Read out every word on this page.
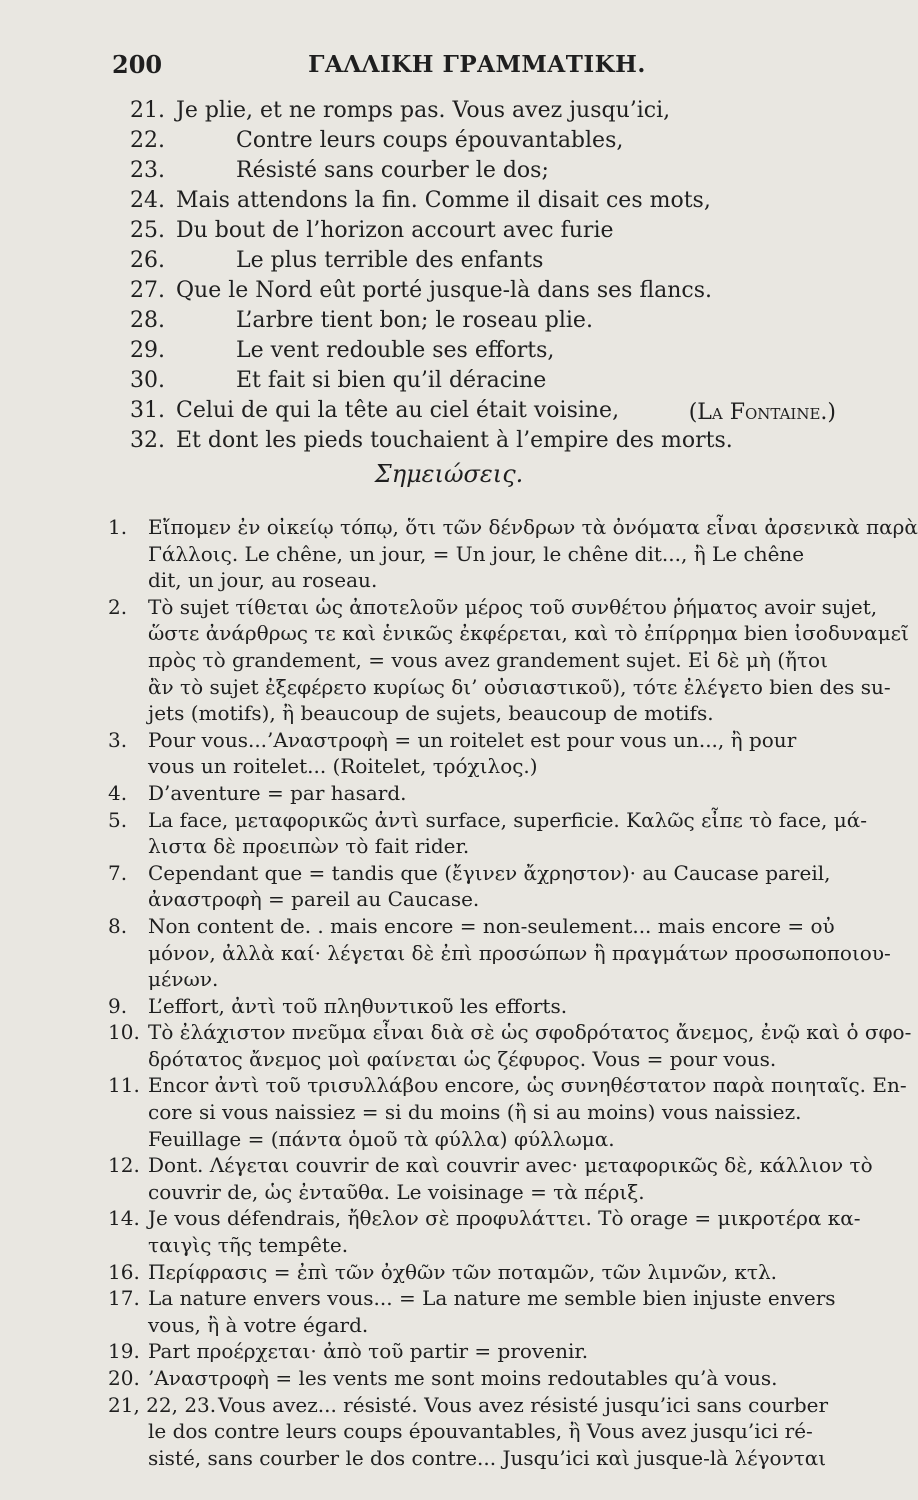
200	ΓΑΛΛΙΚΗ ΓΡΑΜΜΑΤΙΚΗ.
21. Je plie, et ne romps pas. Vous avez jusqu’ici,
22.	Contre leurs coups épouvantables,
23.	Résisté sans courber le dos;
24. Mais attendons la fin. Comme il disait ces mots,
25. Du bout de l’horizon accourt avec furie
26.	Le plus terrible des enfants
27. Que le Nord eût porté jusque-là dans ses flancs.
28.	L’arbre tient bon; le roseau plie.
29.	Le vent redouble ses efforts,
30.	Et fait si bien qu’il déracine
31. Celui de qui la tête au ciel était voisine,
32. Et dont les pieds touchaient à l’empire des morts.
(La Fontaine.)
Σημειώσεις.
1. Εἴπομεν ἐν οἰκείῳ τόπῳ, ὅτι τῶν δένδρων τὰ ὀνόματα εἶναι ἀρσενικὰ παρὰ
Γάλλοις. Le chêne, un jour, = Un jour, le chêne dit..., ἢ Le chêne
dit, un jour, au roseau.
2. Τὸ sujet τίθεται ὡς ἀποτελοῦν μέρος τοῦ συνθέτου ῥήματος avoir sujet,
ὥστε ἀνάρθρως τε καὶ ἑνικῶς ἐκφέρεται, καὶ τὸ ἐπίρρημα bien ἰσοδυναμεῖ
πρὸς τὸ grandement, = vous avez grandement sujet. Εἰ δὲ μὴ (ἤτοι
ἂν τὸ sujet ἐξεφέρετο κυρίως δι’ οὐσιαστικοῦ), τότε ἐλέγετο bien des su-
jets (motifs), ἢ beaucoup de sujets, beaucoup de motifs.
3. Pour vous...’Αναστροφὴ = un roitelet est pour vous un..., ἢ pour
vous un roitelet... (Roitelet, τρόχιλος.)
4. D’aventure = par hasard.
5. La face, μεταφορικῶς ἀντὶ surface, superficie. Καλῶς εἶπε τὸ face, μά-
λιστα δὲ προειπὼν τὸ fait rider.
7. Cependant que = tandis que (ἔγινεν ἄχρηστον)· au Caucase pareil,
ἀναστροφὴ = pareil au Caucase.
8. Non content de. . mais encore = non-seulement... mais encore = οὐ
μόνον, ἀλλὰ καί· λέγεται δὲ ἐπὶ προσώπων ἢ πραγμάτων προσωποποιου-
μένων.
9. L’effort, ἀντὶ τοῦ πληθυντικοῦ les efforts.
10. Τὸ ἐλάχιστον πνεῦμα εἶναι διὰ σὲ ὡς σφοδρότατος ἄνεμος, ἐνῷ καὶ ὁ σφο-
δρότατος ἄνεμος μοὶ φαίνεται ὡς ζέφυρος. Vous = pour vous.
11. Encor ἀντὶ τοῦ τρισυλλάβου encore, ὡς συνηθέστατον παρὰ ποιηταῖς. En-
core si vous naissiez = si du moins (ἢ si au moins) vous naissiez.
Feuillage = (πάντα ὁμοῦ τὰ φύλλα) φύλλωμα.
12. Dont. Λέγεται couvrir de καὶ couvrir avec· μεταφορικῶς δὲ, κάλλιον τὸ
couvrir de, ὡς ἐνταῦθα. Le voisinage = τὰ πέριξ.
14. Je vous défendrais, ἤθελον σὲ προφυλάττει. Τὸ orage = μικροτέρα κα-
ταιγὶς τῆς tempête.
16. Περίφρασις = ἐπὶ τῶν ὀχθῶν τῶν ποταμῶν, τῶν λιμνῶν, κτλ.
17. La nature envers vous... = La nature me semble bien injuste envers
vous, ἢ à votre égard.
19. Part προέρχεται· ἀπὸ τοῦ partir = provenir.
20. ’Αναστροφὴ = les vents me sont moins redoutables qu’à vous.
21, 22, 23.Vous avez... résisté. Vous avez résisté jusqu’ici sans courber
le dos contre leurs coups épouvantables, ἢ Vous avez jusqu’ici ré-
sisté, sans courber le dos contre... Jusqu’ici καὶ jusque-là λέγονται
